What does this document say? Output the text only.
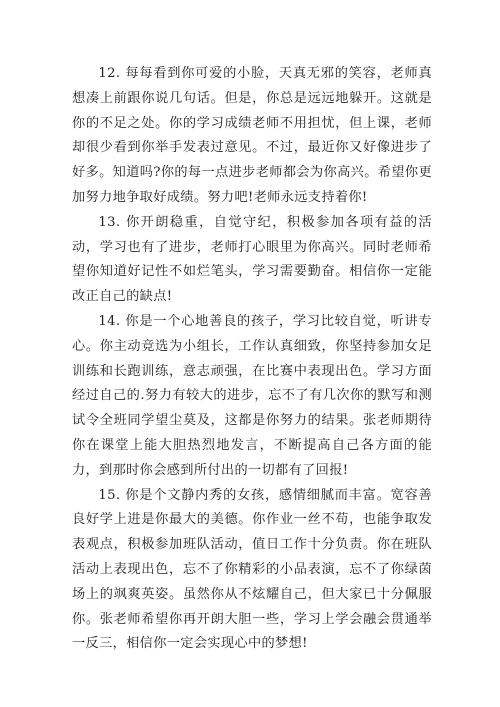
12. 每每看到你可爱的小脸，天真无邪的笑容，老师真想凑上前跟你说几句话。但是，你总是远远地躲开。这就是你的不足之处。你的学习成绩老师不用担忧，但上课，老师却很少看到你举手发表过意见。不过，最近你又好像进步了好多。知道吗?你的每一点进步老师都会为你高兴。希望你更加努力地争取好成绩。努力吧!老师永远支持着你!

13. 你开朗稳重，自觉守纪，积极参加各项有益的活动，学习也有了进步，老师打心眼里为你高兴。同时老师希望你知道好记性不如烂笔头，学习需要勤奋。相信你一定能改正自己的缺点!

14. 你是一个心地善良的孩子，学习比较自觉，听讲专心。你主动竞选为小组长，工作认真细致，你坚持参加女足训练和长跑训练，意志顽强，在比赛中表现出色。学习方面经过自己的.努力有较大的进步，忘不了有几次你的默写和测试令全班同学望尘莫及，这都是你努力的结果。张老师期待你在课堂上能大胆热烈地发言，不断提高自己各方面的能力，到那时你会感到所付出的一切都有了回报!

15. 你是个文静内秀的女孩，感情细腻而丰富。宽容善良好学上进是你最大的美德。你作业一丝不苟，也能争取发表观点，积极参加班队活动，值日工作十分负责。你在班队活动上表现出色，忘不了你精彩的小品表演，忘不了你绿茵场上的飒爽英姿。虽然你从不炫耀自己，但大家已十分佩服你。张老师希望你再开朗大胆一些，学习上学会融会贯通举一反三，相信你一定会实现心中的梦想!
